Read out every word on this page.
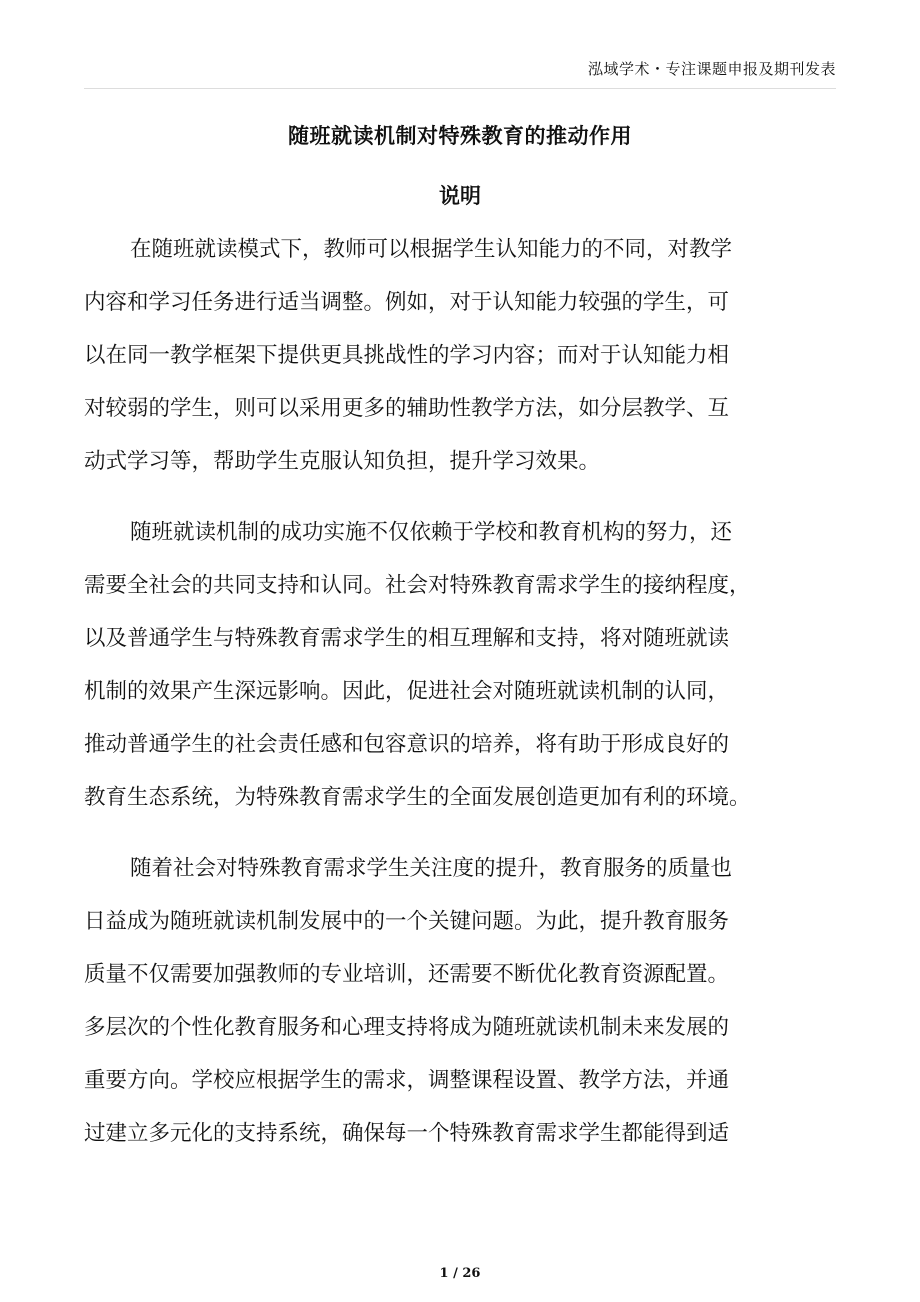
泓域学术・专注课题申报及期刊发表
随班就读机制对特殊教育的推动作用
说明
在随班就读模式下，教师可以根据学生认知能力的不同，对教学
内容和学习任务进行适当调整。例如，对于认知能力较强的学生，可
以在同一教学框架下提供更具挑战性的学习内容；而对于认知能力相
对较弱的学生，则可以采用更多的辅助性教学方法，如分层教学、互
动式学习等，帮助学生克服认知负担，提升学习效果。
随班就读机制的成功实施不仅依赖于学校和教育机构的努力，还
需要全社会的共同支持和认同。社会对特殊教育需求学生的接纳程度，
以及普通学生与特殊教育需求学生的相互理解和支持，将对随班就读
机制的效果产生深远影响。因此，促进社会对随班就读机制的认同，
推动普通学生的社会责任感和包容意识的培养，将有助于形成良好的
教育生态系统，为特殊教育需求学生的全面发展创造更加有利的环境。
随着社会对特殊教育需求学生关注度的提升，教育服务的质量也
日益成为随班就读机制发展中的一个关键问题。为此，提升教育服务
质量不仅需要加强教师的专业培训，还需要不断优化教育资源配置。
多层次的个性化教育服务和心理支持将成为随班就读机制未来发展的
重要方向。学校应根据学生的需求，调整课程设置、教学方法，并通
过建立多元化的支持系统，确保每一个特殊教育需求学生都能得到适
1 / 26
